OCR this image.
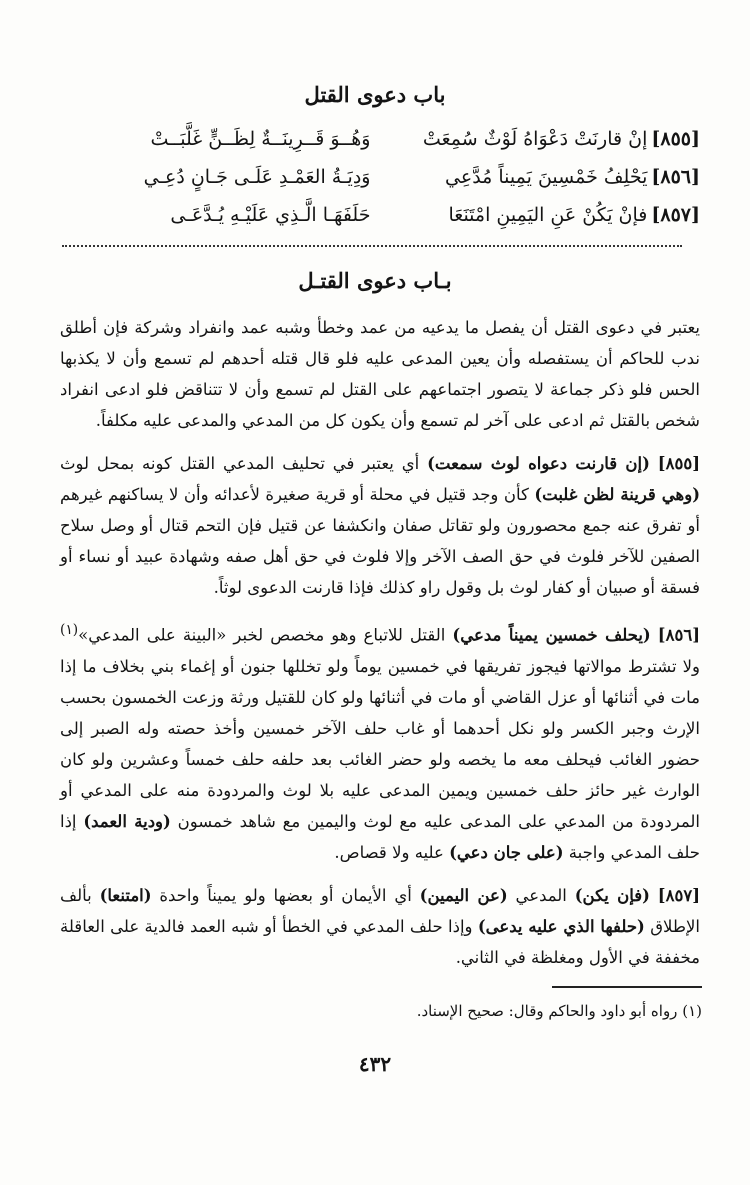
باب دعوى القتل
[٨٥٥]إنْ قارنَتْ دَعْوَاهُ لَوْثٌ سُمِعَتْ
وَهُــوَ قَــرِينَــةٌ لِظَــنٍّ غَلَّبَــتْ
[٨٥٦]يَحْلِفُ خَمْسِينَ يَمِيناً مُدَّعِي
وَدِيَـةُ العَمْـدِ عَلَـى جَـانٍ دُعِـي
[٨٥٧]فإنْ يَكُنْ عَنِ اليَمِينِ امْتَنَعَا
حَلَفَهَـا الَّـذِي عَلَيْـهِ يُـدَّعَـى
بـاب دعوى القتـل

يعتبر في دعوى القتل أن يفصل ما يدعيه من عمد وخطأ وشبه عمد وانفراد وشركة فإن أطلق ندب للحاكم أن يستفصله وأن يعين المدعى عليه فلو قال قتله أحدهم لم تسمع وأن لا يكذبها الحس فلو ذكر جماعة لا يتصور اجتماعهم على القتل لم تسمع وأن لا تتناقض فلو ادعى انفراد شخص بالقتل ثم ادعى على آخر لم تسمع وأن يكون كل من المدعي والمدعى عليه مكلفاً.

[٨٥٥] (إن قارنت دعواه لوث سمعت) أي يعتبر في تحليف المدعي القتل كونه بمحل لوث (وهي قرينة لظن غلبت) كأن وجد قتيل في محلة أو قرية صغيرة لأعدائه وأن لا يساكنهم غيرهم أو تفرق عنه جمع محصورون ولو تقاتل صفان وانكشفا عن قتيل فإن التحم قتال أو وصل سلاح الصفين للآخر فلوث في حق الصف الآخر وإلا فلوث في حق أهل صفه وشهادة عبيد أو نساء أو فسقة أو صبيان أو كفار لوث بل وقول راو كذلك فإذا قارنت الدعوى لوثاً.

[٨٥٦] (يحلف خمسين يميناً مدعي) القتل للاتباع وهو مخصص لخبر «البينة على المدعي»$^{(١)}$ ولا تشترط موالاتها فيجوز تفريقها في خمسين يوماً ولو تخللها جنون أو إغماء بني بخلاف ما إذا مات في أثنائها أو عزل القاضي أو مات في أثنائها ولو كان للقتيل ورثة وزعت الخمسون بحسب الإرث وجبر الكسر ولو نكل أحدهما أو غاب حلف الآخر خمسين وأخذ حصته وله الصبر إلى حضور الغائب فيحلف معه ما يخصه ولو حضر الغائب بعد حلفه حلف خمساً وعشرين ولو كان الوارث غير حائز حلف خمسين ويمين المدعى عليه بلا لوث والمردودة منه على المدعي أو المردودة من المدعي على المدعى عليه مع لوث واليمين مع شاهد خمسون (ودية العمد) إذا حلف المدعي واجبة (على جان دعي) عليه ولا قصاص.

[٨٥٧] (فإن يكن) المدعي (عن اليمين) أي الأيمان أو بعضها ولو يميناً واحدة (امتنعا) بألف الإطلاق (حلفها الذي عليه يدعى) وإذا حلف المدعي في الخطأ أو شبه العمد فالدية على العاقلة مخففة في الأول ومغلظة في الثاني.

(١) رواه أبو داود والحاكم وقال: صحيح الإسناد.
٤٣٢
